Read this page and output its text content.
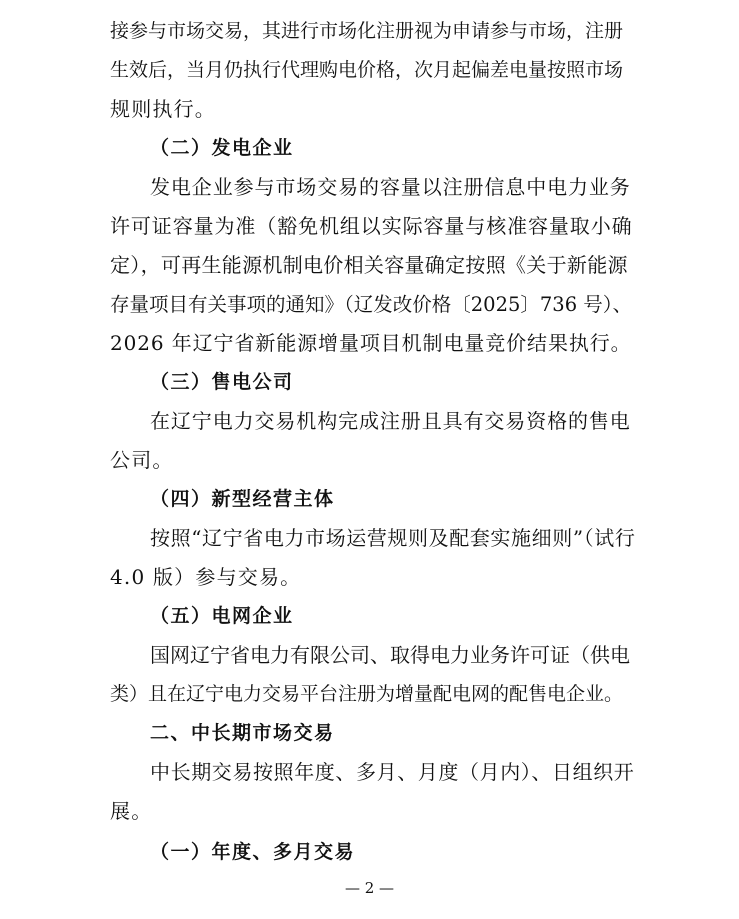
接参与市场交易，其进行市场化注册视为申请参与市场，注册
生效后，当月仍执行代理购电价格，次月起偏差电量按照市场
规则执行。
（二）发电企业
发电企业参与市场交易的容量以注册信息中电力业务
许可证容量为准（豁免机组以实际容量与核准容量取小确
定），可再生能源机制电价相关容量确定按照《关于新能源
存量项目有关事项的通知》（辽发改价格〔2025〕736 号）、
2026 年辽宁省新能源增量项目机制电量竞价结果执行。
（三）售电公司
在辽宁电力交易机构完成注册且具有交易资格的售电
公司。
（四）新型经营主体
按照“辽宁省电力市场运营规则及配套实施细则”（试行
4.0 版）参与交易。
（五）电网企业
国网辽宁省电力有限公司、取得电力业务许可证（供电
类）且在辽宁电力交易平台注册为增量配电网的配售电企业。
二、中长期市场交易
中长期交易按照年度、多月、月度（月内）、日组织开
展。
（一）年度、多月交易
— 2 —
